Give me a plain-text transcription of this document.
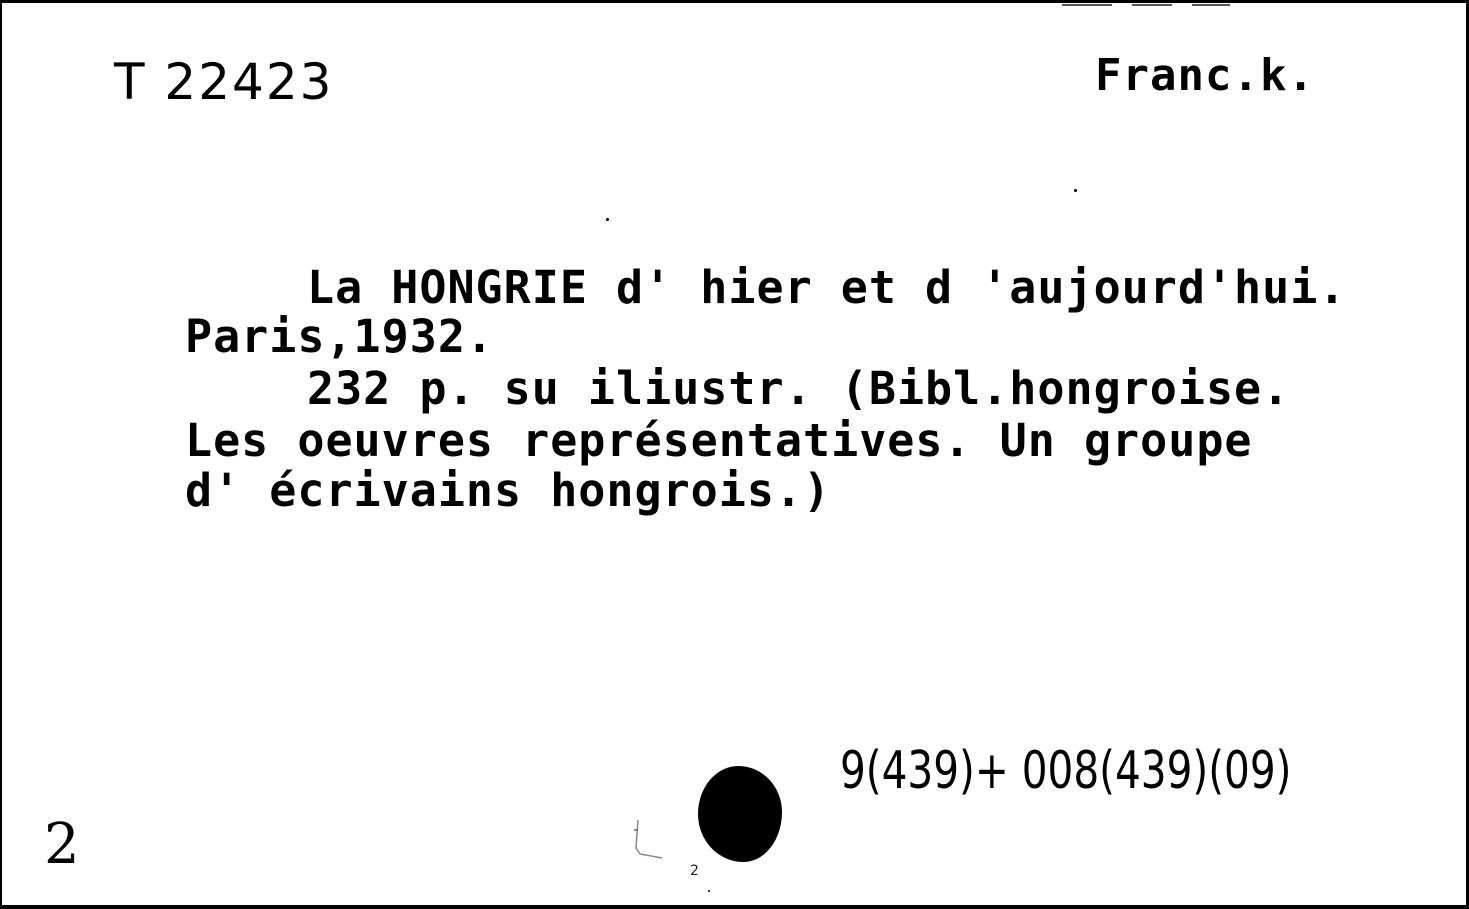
T 22423	Franc.k.
La HONGRIE d' hier et d 'aujourd'hui.
Paris,1932.
232 p. su iliustr. (Bibl.hongroise.
Les oeuvres représentatives. Un groupe
d' écrivains hongrois.)
9(439)+ 008(439)(09)
2	2
